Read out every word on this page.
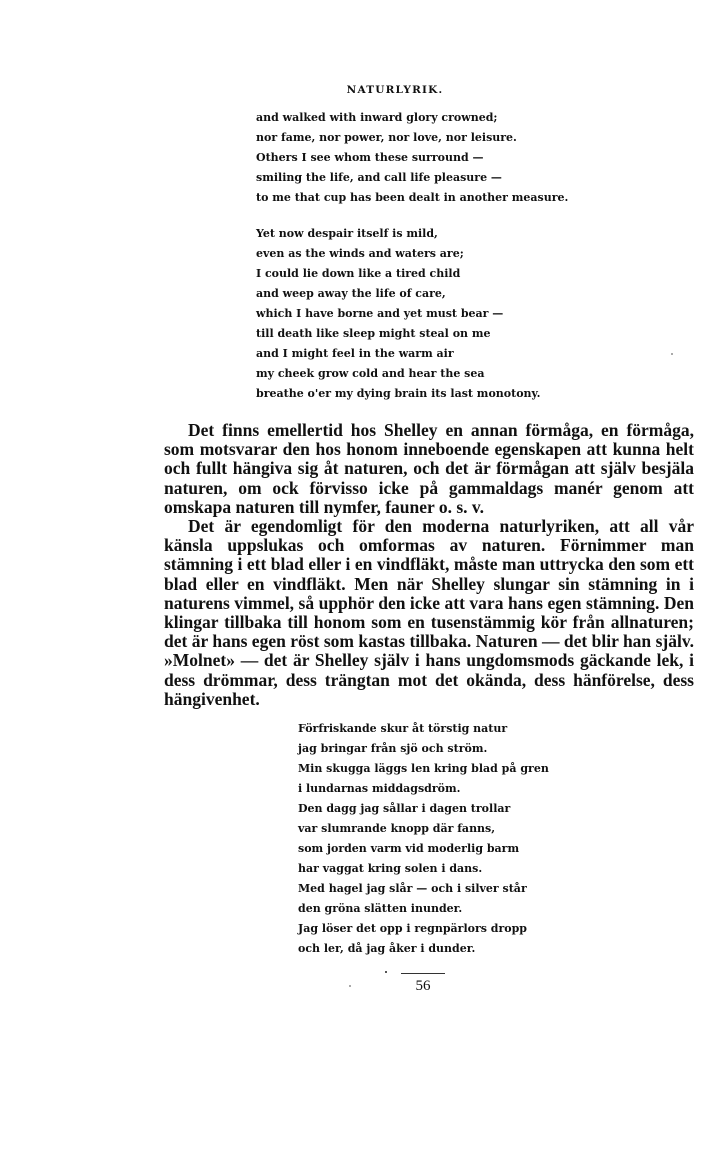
NATURLYRIK.
and walked with inward glory crowned;
nor fame, nor power, nor love, nor leisure.
Others I see whom these surround —
smiling the life, and call life pleasure —
to me that cup has been dealt in another measure.
Yet now despair itself is mild,
even as the winds and waters are;
I could lie down like a tired child
and weep away the life of care,
which I have borne and yet must bear —
till death like sleep might steal on me
and I might feel in the warm air
my cheek grow cold and hear the sea
breathe o'er my dying brain its last monotony.

Det finns emellertid hos Shelley en annan förmåga, en förmåga, som motsvarar den hos honom inneboende egenskapen att kunna helt och fullt hängiva sig åt naturen, och det är förmågan att själv besjäla naturen, om ock förvisso icke på gammaldags manér genom att omskapa naturen till nymfer, fauner o. s. v.

Det är egendomligt för den moderna naturlyriken, att all vår känsla uppslukas och omformas av naturen. Förnimmer man stämning i ett blad eller i en vindfläkt, måste man uttrycka den som ett blad eller en vindfläkt. Men när Shelley slungar sin stämning in i naturens vimmel, så upphör den icke att vara hans egen stämning. Den klingar tillbaka till honom som en tusenstämmig kör från allnaturen; det är hans egen röst som kastas tillbaka. Naturen — det blir han själv. »Molnet» — det är Shelley själv i hans ungdomsmods gäckande lek, i dess drömmar, dess trängtan mot det okända, dess hänförelse, dess hängivenhet.

Förfriskande skur åt törstig natur
jag bringar från sjö och ström.
Min skugga läggs len kring blad på gren
i lundarnas middagsdröm.
Den dagg jag sållar i dagen trollar
var slumrande knopp där fanns,
som jorden varm vid moderlig barm
har vaggat kring solen i dans.
Med hagel jag slår — och i silver står
den gröna slätten inunder.
Jag löser det opp i regnpärlors dropp
och ler, då jag åker i dunder.
56
